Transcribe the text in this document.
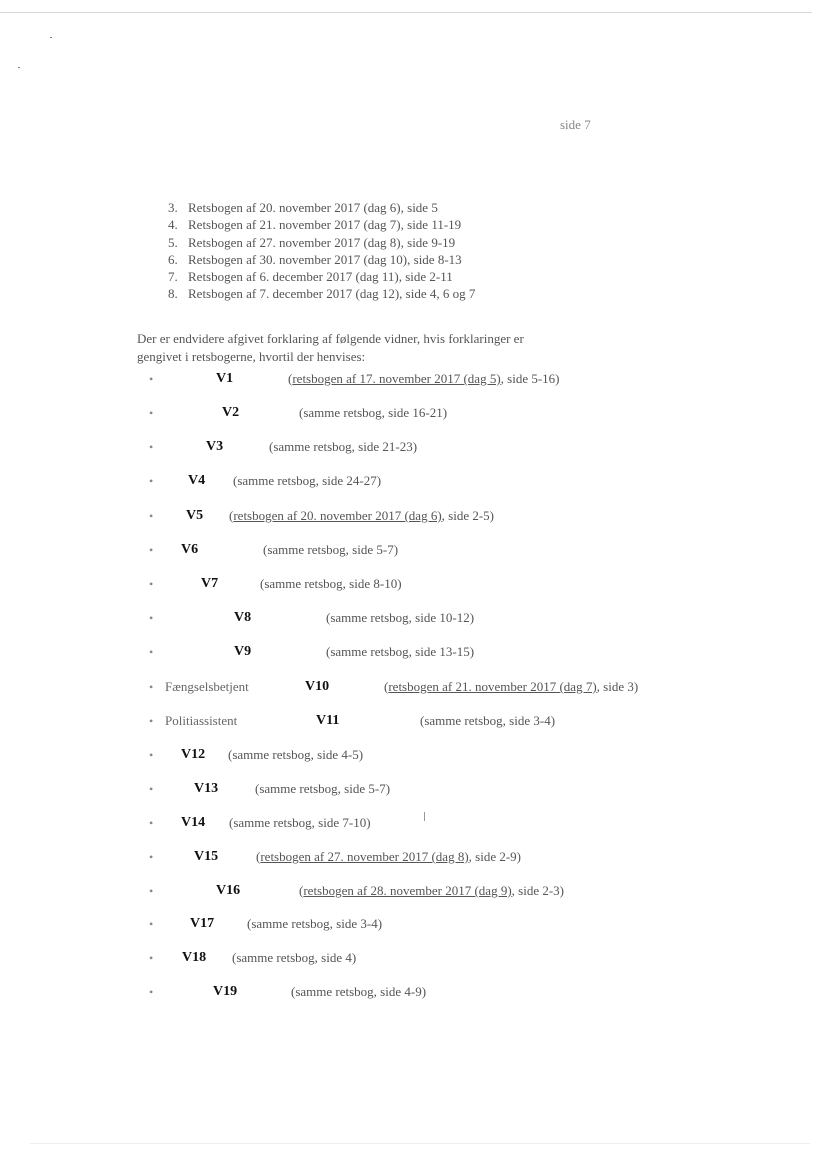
side 7
3. Retsbogen af 20. november 2017 (dag 6), side 5
4. Retsbogen af 21. november 2017 (dag 7), side 11-19
5. Retsbogen af 27. november 2017 (dag 8), side 9-19
6. Retsbogen af 30. november 2017 (dag 10), side 8-13
7. Retsbogen af 6. december 2017 (dag 11), side 2-11
8. Retsbogen af 7. december 2017 (dag 12), side 4, 6 og 7

Der er endvidere afgivet forklaring af følgende vidner, hvis forklaringer er gengivet i retsbogerne, hvortil der henvises:

•	V1	(retsbogen af 17. november 2017 (dag 5), side 5-16)
•	V2	(samme retsbog, side 16-21)
•	V3	(samme retsbog, side 21-23)
• V4 (samme retsbog, side 24-27)
• V5 (retsbogen af 20. november 2017 (dag 6), side 2-5)
• V6	(samme retsbog, side 5-7)
•	V7	(samme retsbog, side 8-10)
•	V8	(samme retsbog, side 10-12)
•	V9	(samme retsbog, side 13-15)
• Fængselsbetjent	V10	(retsbogen af 21. november 2017 (dag 7), side 3)
• Politiassistent	V11	(samme retsbog, side 3-4)
• V12 (samme retsbog, side 4-5)
•	V13	(samme retsbog, side 5-7)
• V14 (samme retsbog, side 7-10)
•	V15	(retsbogen af 27. november 2017 (dag 8), side 2-9)
•	V16	(retsbogen af 28. november 2017 (dag 9), side 2-3)
•	V17	(samme retsbog, side 3-4)
• V18 (samme retsbog, side 4)
•	V19	(samme retsbog, side 4-9)
